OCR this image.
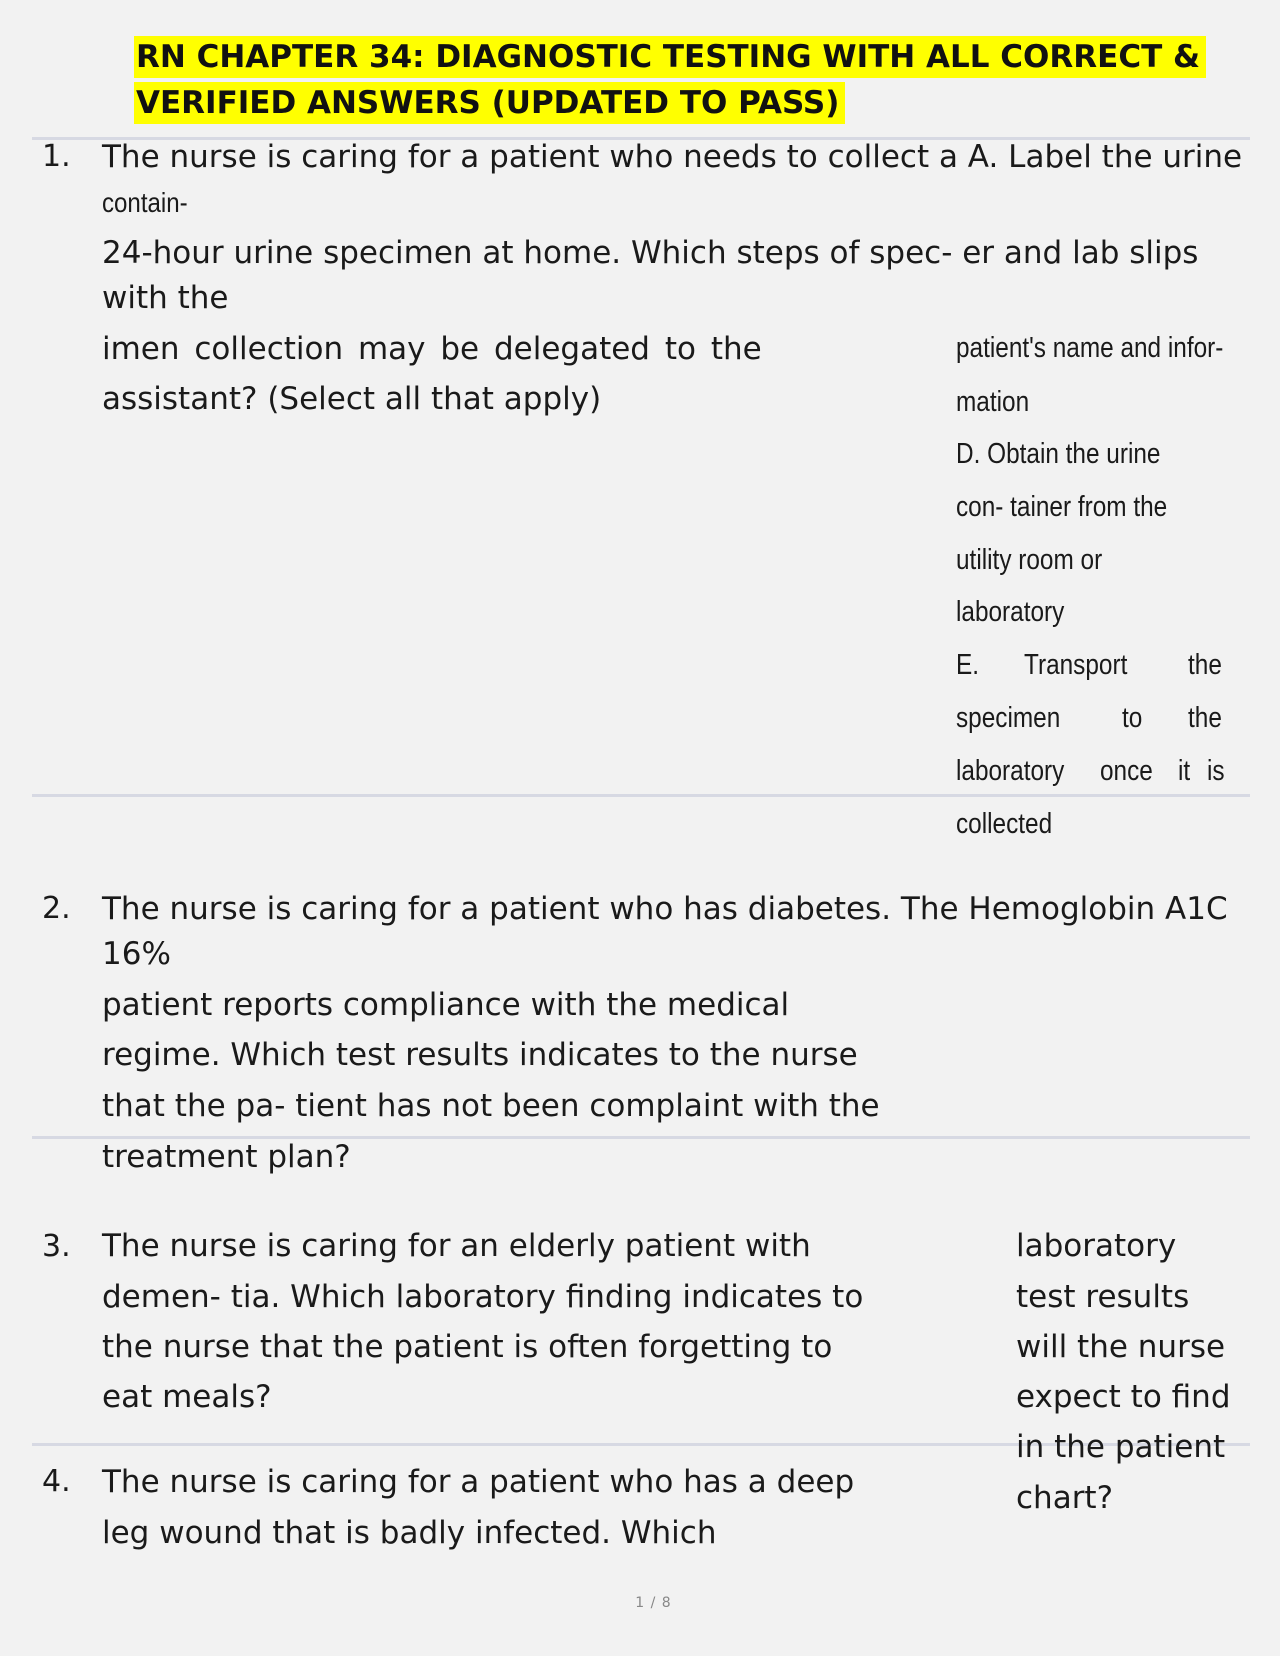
RN CHAPTER 34: DIAGNOSTIC TESTING WITH ALL CORRECT &
VERIFIED ANSWERS (UPDATED TO PASS)
1. The nurse is caring for a patient who needs to collect a A. Label the urine
contain-
24-hour urine specimen at home. Which steps of spec- er and lab slips
with the
imen collection may be delegated to the
assistant? (Select all that apply)
patient's name and infor-
mation
D. Obtain the urine
con- tainer from the
utility room or
laboratory
E. Transport the
specimen to the
laboratory once it is
collected
2. The nurse is caring for a patient who has diabetes. The Hemoglobin A1C
16%
patient reports compliance with the medical
regime. Which test results indicates to the nurse
that the pa- tient has not been complaint with the
treatment plan?
3. The nurse is caring for an elderly patient with
demen- tia. Which laboratory finding indicates to
the nurse that the patient is often forgetting to
eat meals?
laboratory
test results
will the nurse
expect to find
in the patient
chart?
4. The nurse is caring for a patient who has a deep
leg wound that is badly infected. Which
1 / 8
